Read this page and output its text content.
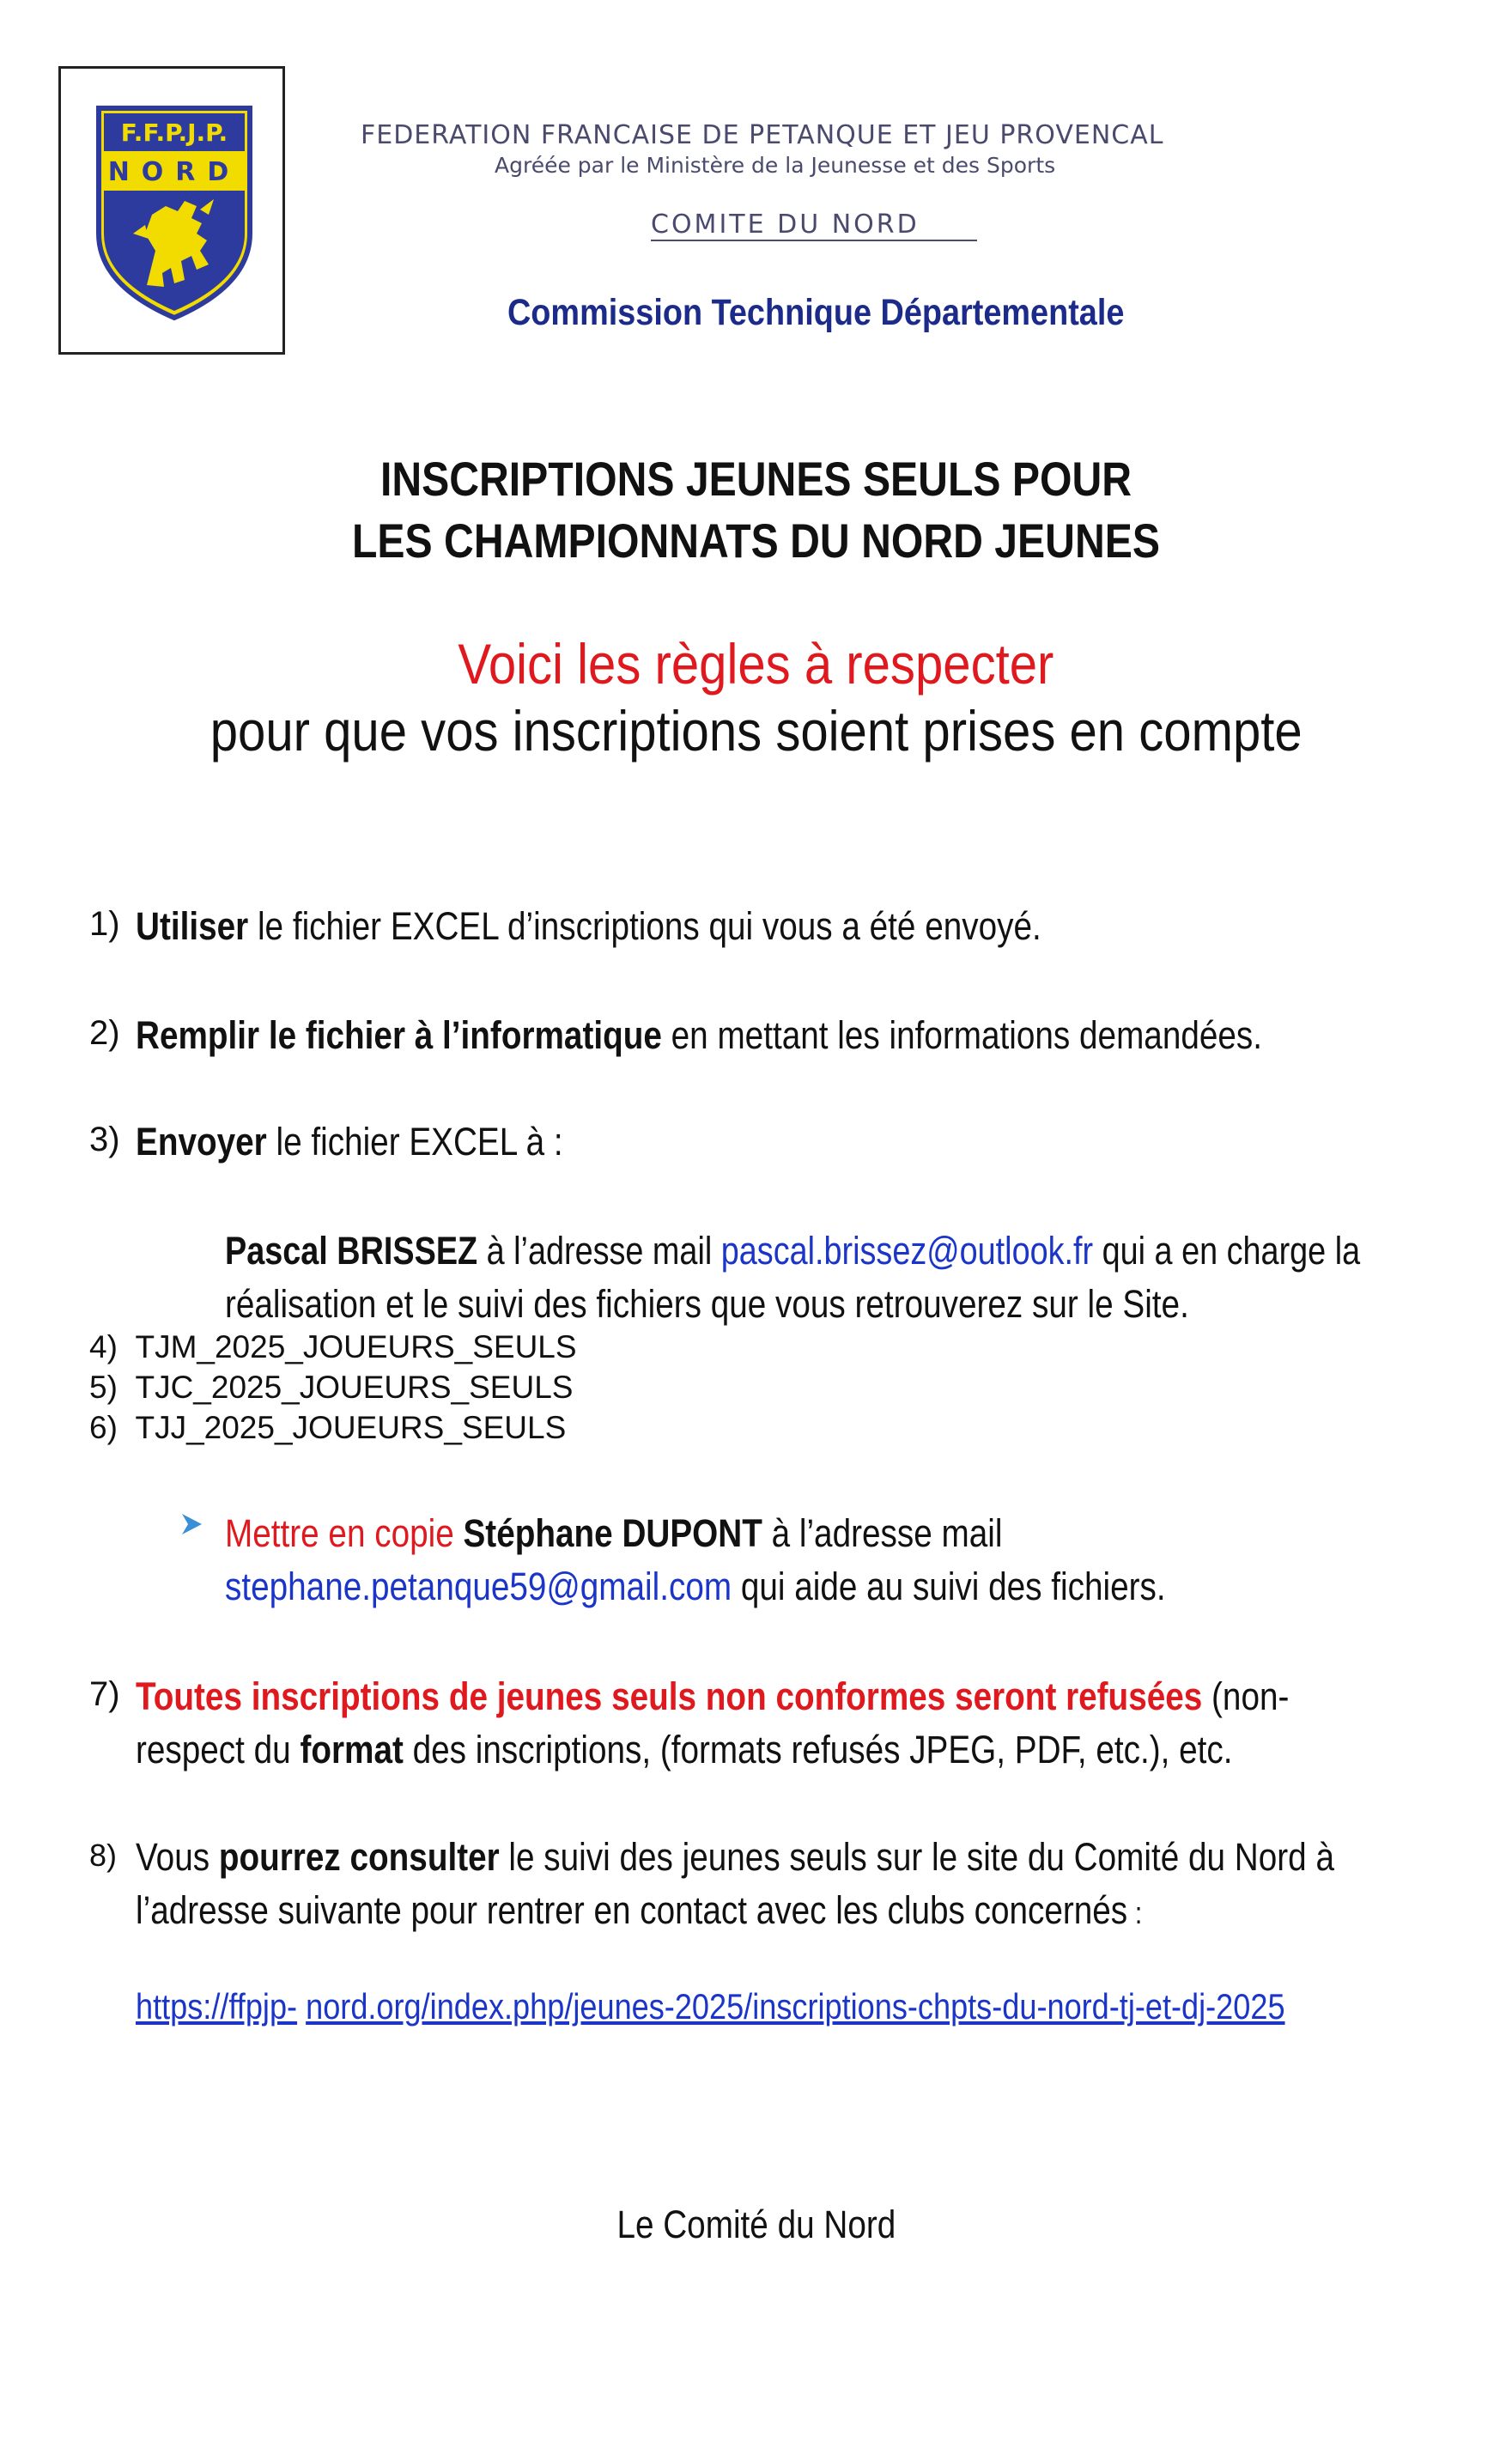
F.F.P.J.P.
NORD
FEDERATION FRANCAISE DE PETANQUE ET JEU PROVENCAL
Agréée par le Ministère de la Jeunesse et des Sports
COMITE DU NORD
Commission Technique Départementale
INSCRIPTIONS JEUNES SEULS POUR
LES CHAMPIONNATS DU NORD JEUNES
Voici les règles à respecter
pour que vos inscriptions soient prises en compte
1) Utiliser le fichier EXCEL d’inscriptions qui vous a été envoyé.
2) Remplir le fichier à l’informatique en mettant les informations demandées.
3) Envoyer le fichier EXCEL à :
Pascal BRISSEZ à l’adresse mail pascal.brissez@outlook.fr qui a en charge la
réalisation et le suivi des fichiers que vous retrouverez sur le Site.
4) TJM_2025_JOUEURS_SEULS
5) TJC_2025_JOUEURS_SEULS
6) TJJ_2025_JOUEURS_SEULS
Mettre en copie Stéphane DUPONT à l’adresse mail
stephane.petanque59@gmail.com qui aide au suivi des fichiers.
7) Toutes inscriptions de jeunes seuls non conformes seront refusées (non-
respect du format des inscriptions, (formats refusés JPEG, PDF, etc.), etc.
8) Vous pourrez consulter le suivi des jeunes seuls sur le site du Comité du Nord à
l’adresse suivante pour rentrer en contact avec les clubs concernés :
https://ffpjp- nord.org/index.php/jeunes-2025/inscriptions-chpts-du-nord-tj-et-dj-2025
Le Comité du Nord
